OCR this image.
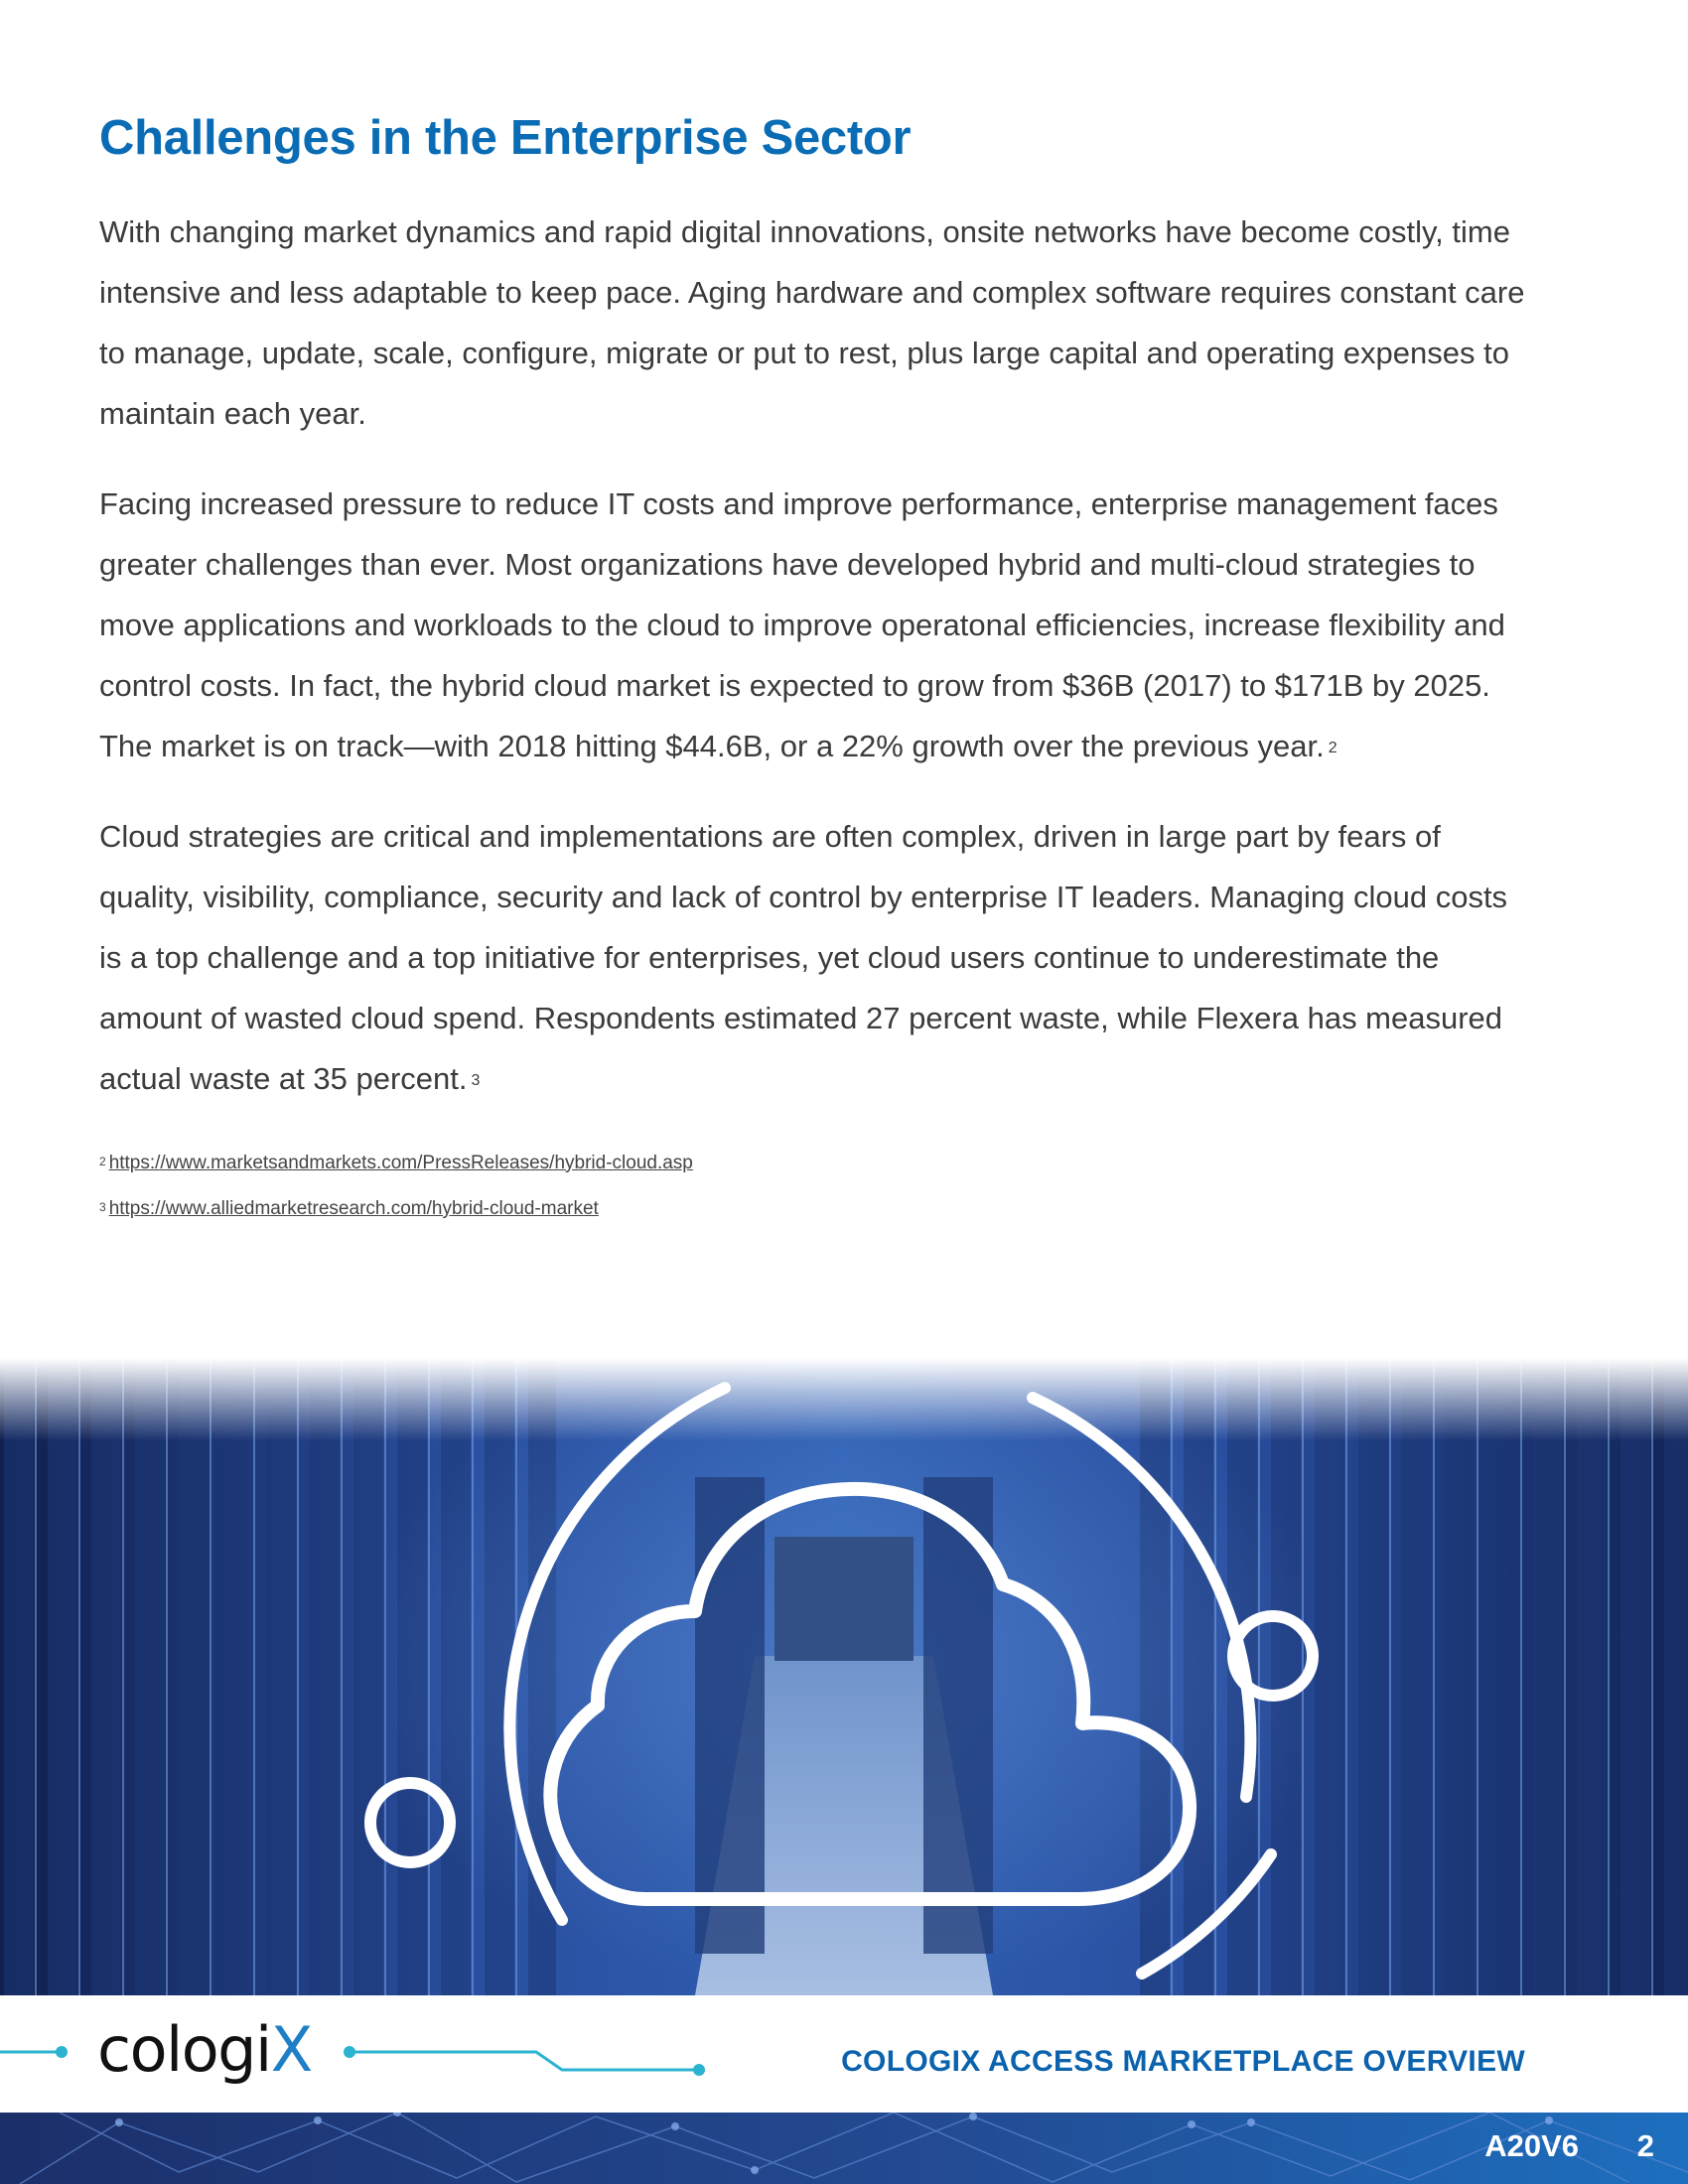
Challenges in the Enterprise Sector

With changing market dynamics and rapid digital innovations, onsite networks have become costly, time intensive and less adaptable to keep pace. Aging hardware and complex software requires constant care to manage, update, scale, configure, migrate or put to rest, plus large capital and operating expenses to maintain each year.

Facing increased pressure to reduce IT costs and improve performance, enterprise management faces greater challenges than ever. Most organizations have developed hybrid and multi-cloud strategies to move applications and workloads to the cloud to improve operatonal efficiencies, increase flexibility and control costs. In fact, the hybrid cloud market is expected to grow from $36B (2017) to $171B by 2025. The market is on track—with 2018 hitting $44.6B, or a 22% growth over the previous year. $^2$

Cloud strategies are critical and implementations are often complex, driven in large part by fears of quality, visibility, compliance, security and lack of control by enterprise IT leaders. Managing cloud costs is a top challenge and a top initiative for enterprises, yet cloud users continue to underestimate the amount of wasted cloud spend. Respondents estimated 27 percent waste, while Flexera has measured actual waste at 35 percent. $^3$

$^2$ https://www.marketsandmarkets.com/PressReleases/hybrid-cloud.asp
$^3$ https://www.alliedmarketresearch.com/hybrid-cloud-market
cologiX	COLOGIX ACCESS MARKETPLACE OVERVIEW
A20V6 2
